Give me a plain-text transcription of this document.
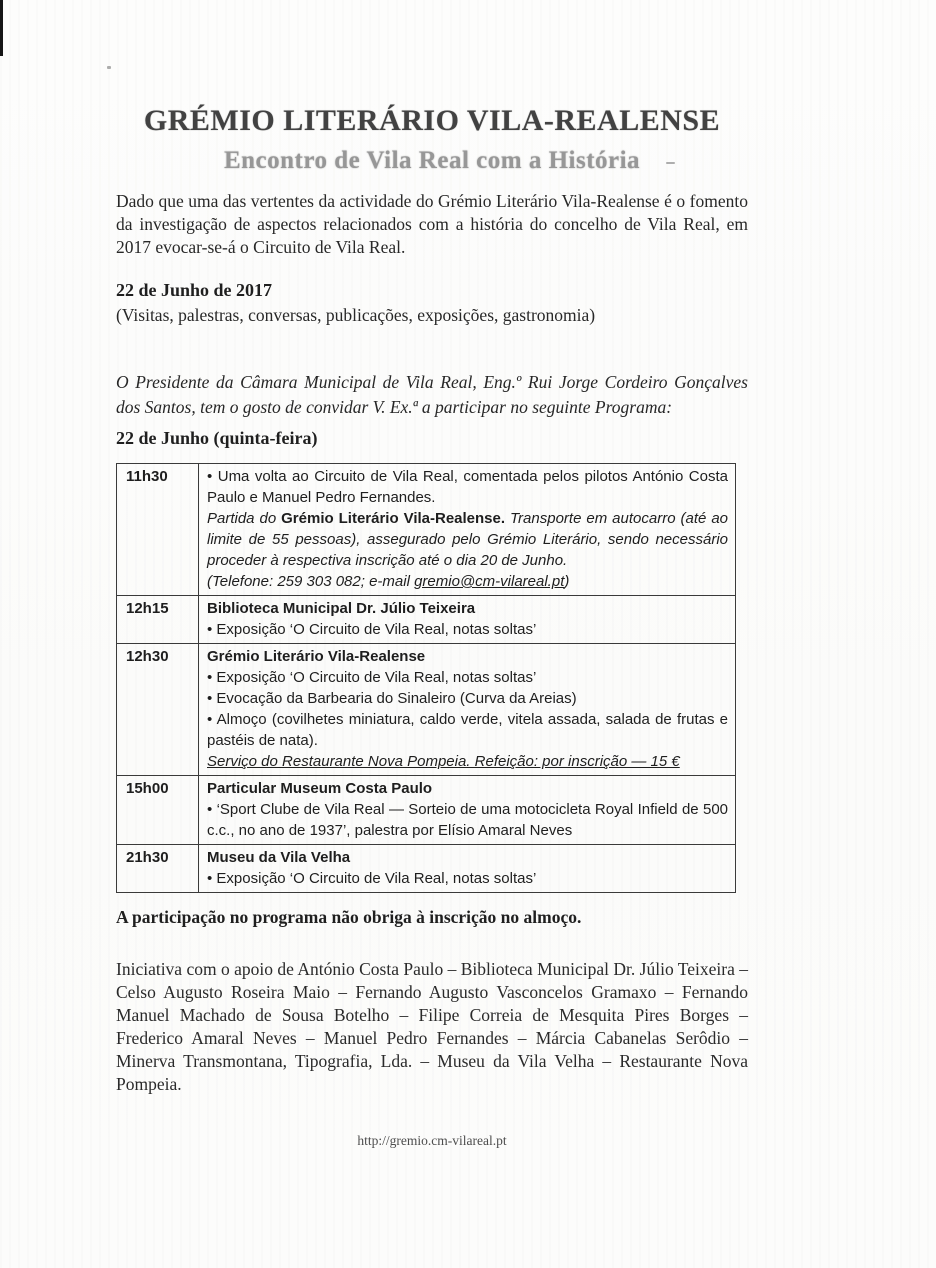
GRÉMIO LITERÁRIO VILA-REALENSE
Encontro de Vila Real com a História

Dado que uma das vertentes da actividade do Grémio Literário Vila-Realense é o fomento da investigação de aspectos relacionados com a história do concelho de Vila Real, em 2017 evocar-se-á o Circuito de Vila Real.

22 de Junho de 2017

(Visitas, palestras, conversas, publicações, exposições, gastronomia)

O Presidente da Câmara Municipal de Vila Real, Eng.º Rui Jorge Cordeiro Gonçalves dos Santos, tem o gosto de convidar V. Ex.ª a participar no seguinte Programa:

22 de Junho (quinta-feira)

11h30	• Uma volta ao Circuito de Vila Real, comentada pelos pilotos António Costa Paulo e Manuel Pedro Fernandes.
Partida do Grémio Literário Vila-Realense. Transporte em autocarro (até ao limite de 55 pessoas), assegurado pelo Grémio Literário, sendo necessário proceder à respectiva inscrição até o dia 20 de Junho.
(Telefone: 259 303 082; e-mail gremio@cm-vilareal.pt)

12h15	Biblioteca Municipal Dr. Júlio Teixeira
• Exposição ‘O Circuito de Vila Real, notas soltas’

12h30	Grémio Literário Vila-Realense
• Exposição ‘O Circuito de Vila Real, notas soltas’
• Evocação da Barbearia do Sinaleiro (Curva da Areias)
• Almoço (covilhetes miniatura, caldo verde, vitela assada, salada de frutas e pastéis de nata).
Serviço do Restaurante Nova Pompeia. Refeição: por inscrição — 15 €

15h00	Particular Museum Costa Paulo
• ‘Sport Clube de Vila Real — Sorteio de uma motocicleta Royal Infield de 500 c.c., no ano de 1937’, palestra por Elísio Amaral Neves

21h30	Museu da Vila Velha
• Exposição ‘O Circuito de Vila Real, notas soltas’

A participação no programa não obriga à inscrição no almoço.

Iniciativa com o apoio de António Costa Paulo – Biblioteca Municipal Dr. Júlio Teixeira – Celso Augusto Roseira Maio – Fernando Augusto Vasconcelos Gramaxo – Fernando Manuel Machado de Sousa Botelho – Filipe Correia de Mesquita Pires Borges – Frederico Amaral Neves – Manuel Pedro Fernandes – Márcia Cabanelas Serôdio – Minerva Transmontana, Tipografia, Lda. – Museu da Vila Velha – Restaurante Nova Pompeia.

http://gremio.cm-vilareal.pt
